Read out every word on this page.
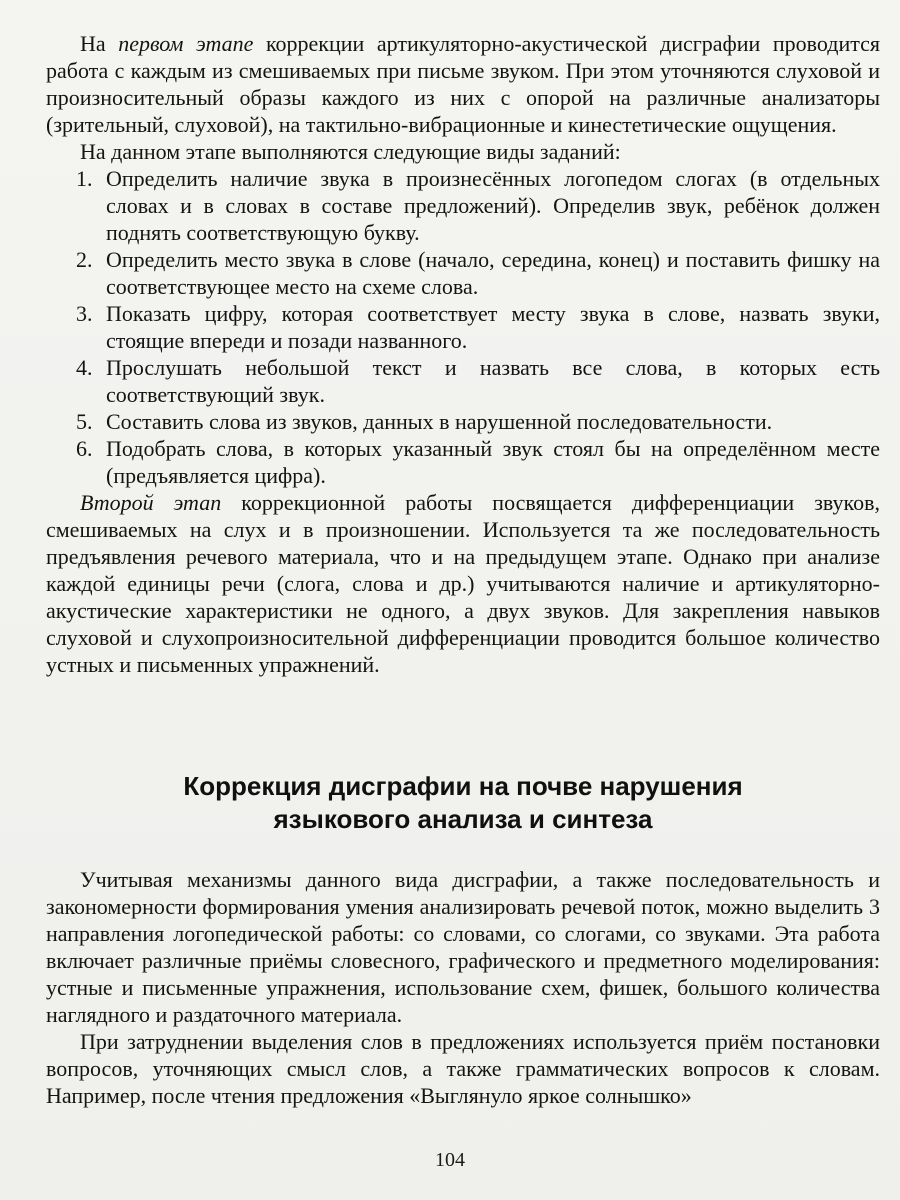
На первом этапе коррекции артикуляторно-акустической дисграфии проводится работа с каждым из смешиваемых при письме звуком. При этом уточняются слуховой и произносительный образы каждого из них с опорой на различные анализаторы (зрительный, слуховой), на тактильно-вибрационные и кинестетические ощущения.

На данном этапе выполняются следующие виды заданий:

1. Определить наличие звука в произнесённых логопедом слогах (в отдельных словах и в словах в составе предложений). Определив звук, ребёнок должен поднять соответствующую букву.
2. Определить место звука в слове (начало, середина, конец) и поставить фишку на соответствующее место на схеме слова.
3. Показать цифру, которая соответствует месту звука в слове, назвать звуки, стоящие впереди и позади названного.
4. Прослушать небольшой текст и назвать все слова, в которых есть соответствующий звук.
5. Составить слова из звуков, данных в нарушенной последовательности.
6. Подобрать слова, в которых указанный звук стоял бы на определённом месте (предъявляется цифра).

Второй этап коррекционной работы посвящается дифференциации звуков, смешиваемых на слух и в произношении. Используется та же последовательность предъявления речевого материала, что и на предыдущем этапе. Однако при анализе каждой единицы речи (слога, слова и др.) учитываются наличие и артикуляторно-акустические характеристики не одного, а двух звуков. Для закрепления навыков слуховой и слухопроизносительной дифференциации проводится большое количество устных и письменных упражнений.

Коррекция дисграфии на почве нарушения
языкового анализа и синтеза

Учитывая механизмы данного вида дисграфии, а также последовательность и закономерности формирования умения анализировать речевой поток, можно выделить 3 направления логопедической работы: со словами, со слогами, со звуками. Эта работа включает различные приёмы словесного, графического и предметного моделирования: устные и письменные упражнения, использование схем, фишек, большого количества наглядного и раздаточного материала.

При затруднении выделения слов в предложениях используется приём постановки вопросов, уточняющих смысл слов, а также грамматических вопросов к словам. Например, после чтения предложения «Выглянуло яркое солнышко»

104
